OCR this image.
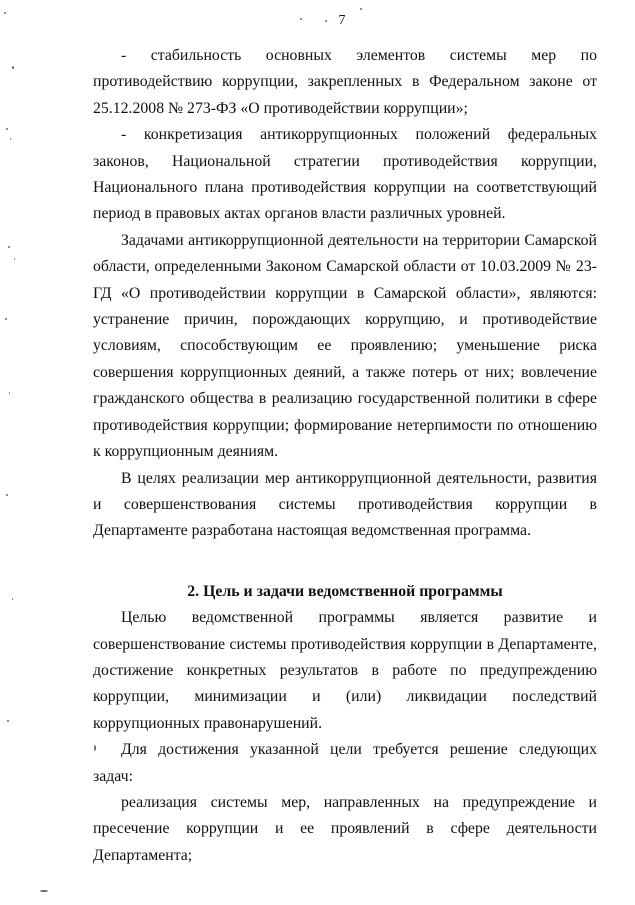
7

- стабильность основных элементов системы мер по противодействию коррупции, закрепленных в Федеральном законе от 25.12.2008 № 273-ФЗ «О противодействии коррупции»;

- конкретизация антикоррупционных положений федеральных законов, Национальной стратегии противодействия коррупции, Национального плана противодействия коррупции на соответствующий период в правовых актах органов власти различных уровней.

Задачами антикоррупционной деятельности на территории Самарской области, определенными Законом Самарской области от 10.03.2009 № 23-ГД «О противодействии коррупции в Самарской области», являются: устранение причин, порождающих коррупцию, и противодействие условиям, способствующим ее проявлению; уменьшение риска совершения коррупционных деяний, а также потерь от них; вовлечение гражданского общества в реализацию государственной политики в сфере противодействия коррупции; формирование нетерпимости по отношению к коррупционным деяниям.

В целях реализации мер антикоррупционной деятельности, развития и совершенствования системы противодействия коррупции в Департаменте разработана настоящая ведомственная программа.

2. Цель и задачи ведомственной программы

Целью ведомственной программы является развитие и совершенствование системы противодействия коррупции в Департаменте, достижение конкретных результатов в работе по предупреждению коррупции, минимизации и (или) ликвидации последствий коррупционных правонарушений.

Для достижения указанной цели требуется решение следующих задач:

реализация системы мер, направленных на предупреждение и пресечение коррупции и ее проявлений в сфере деятельности Департамента;
